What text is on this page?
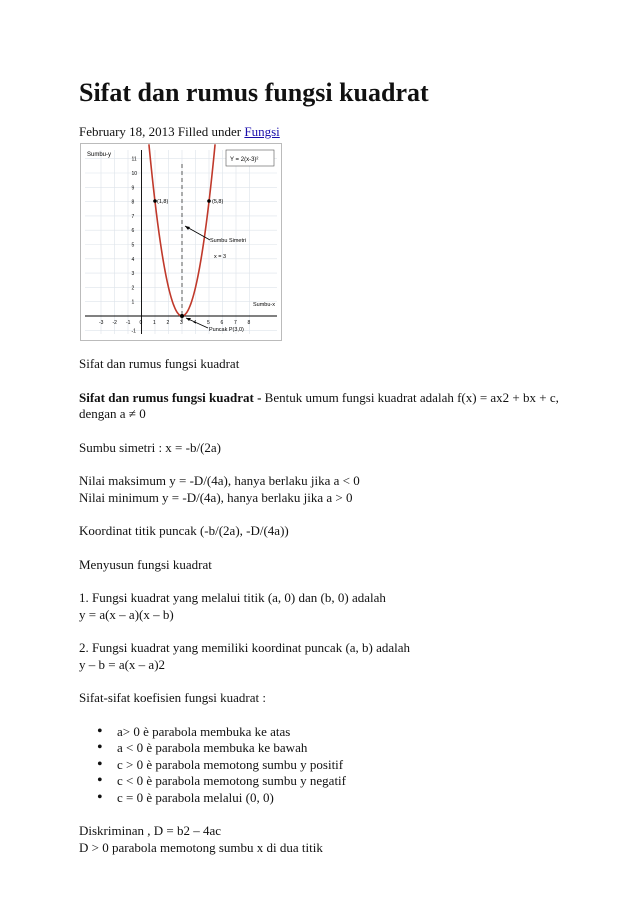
Sifat dan rumus fungsi kuadrat
February 18, 2013 Filled under Fungsi
-3 -2 -1 0 1 2 3 4 5 6 7 8
11
10
9
8
7
6
5
4
3
2
1
-1
Sumbu-y
Y = 2(x-3)²
(1,8)	(5,8)
Sumbu Simetri
x = 3
Sumbu-x
Puncak P(3,0)

Sifat dan rumus fungsi kuadrat

Sifat dan rumus fungsi kuadrat - Bentuk umum fungsi kuadrat adalah f(x) = ax2 + bx + c,
dengan a ≠ 0

Sumbu simetri : x = -b/(2a)

Nilai maksimum y = -D/(4a), hanya berlaku jika a < 0
Nilai minimum y = -D/(4a), hanya berlaku jika a > 0

Koordinat titik puncak (-b/(2a), -D/(4a))

Menyusun fungsi kuadrat

1. Fungsi kuadrat yang melalui titik (a, 0) dan (b, 0) adalah
y = a(x – a)(x – b)

2. Fungsi kuadrat yang memiliki koordinat puncak (a, b) adalah
y – b = a(x – a)2

Sifat-sifat koefisien fungsi kuadrat :

• a> 0 è parabola membuka ke atas
• a < 0 è parabola membuka ke bawah
• c > 0 è parabola memotong sumbu y positif
• c < 0 è parabola memotong sumbu y negatif
• c = 0 è parabola melalui (0, 0)

Diskriminan , D = b2 – 4ac
D > 0 parabola memotong sumbu x di dua titik
